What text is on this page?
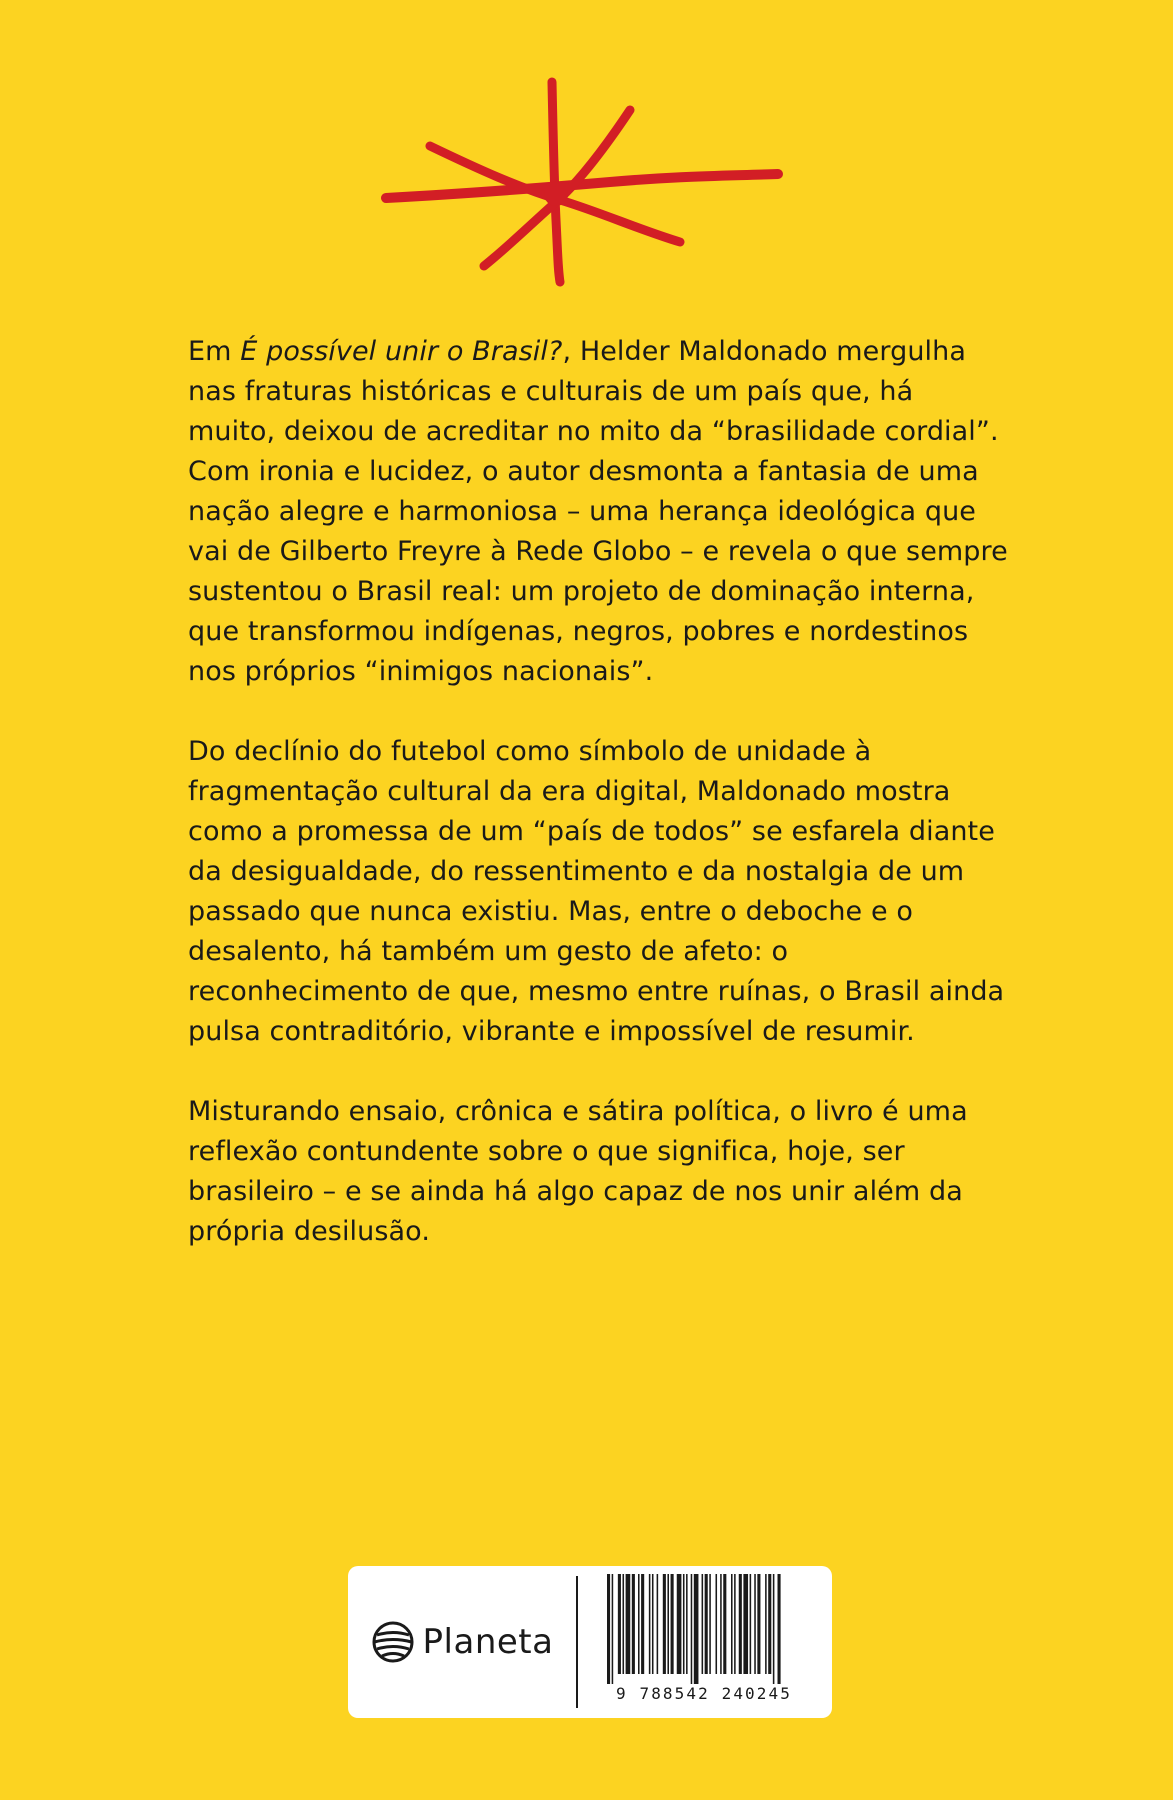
Em É possível unir o Brasil?, Helder Maldonado mergulha nas fraturas históricas e culturais de um país que, há muito, deixou de acreditar no mito da “brasilidade cordial”. Com ironia e lucidez, o autor desmonta a fantasia de uma nação alegre e harmoniosa – uma herança ideológica que vai de Gilberto Freyre à Rede Globo – e revela o que sempre sustentou o Brasil real: um projeto de dominação interna, que transformou indígenas, negros, pobres e nordestinos nos próprios “inimigos nacionais”.

Do declínio do futebol como símbolo de unidade à fragmentação cultural da era digital, Maldonado mostra como a promessa de um “país de todos” se esfarela diante da desigualdade, do ressentimento e da nostalgia de um passado que nunca existiu. Mas, entre o deboche e o desalento, há também um gesto de afeto: o reconhecimento de que, mesmo entre ruínas, o Brasil ainda pulsa contraditório, vibrante e impossível de resumir.

Misturando ensaio, crônica e sátira política, o livro é uma reflexão contundente sobre o que significa, hoje, ser brasileiro – e se ainda há algo capaz de nos unir além da própria desilusão.

Planeta
9 788542 240245
